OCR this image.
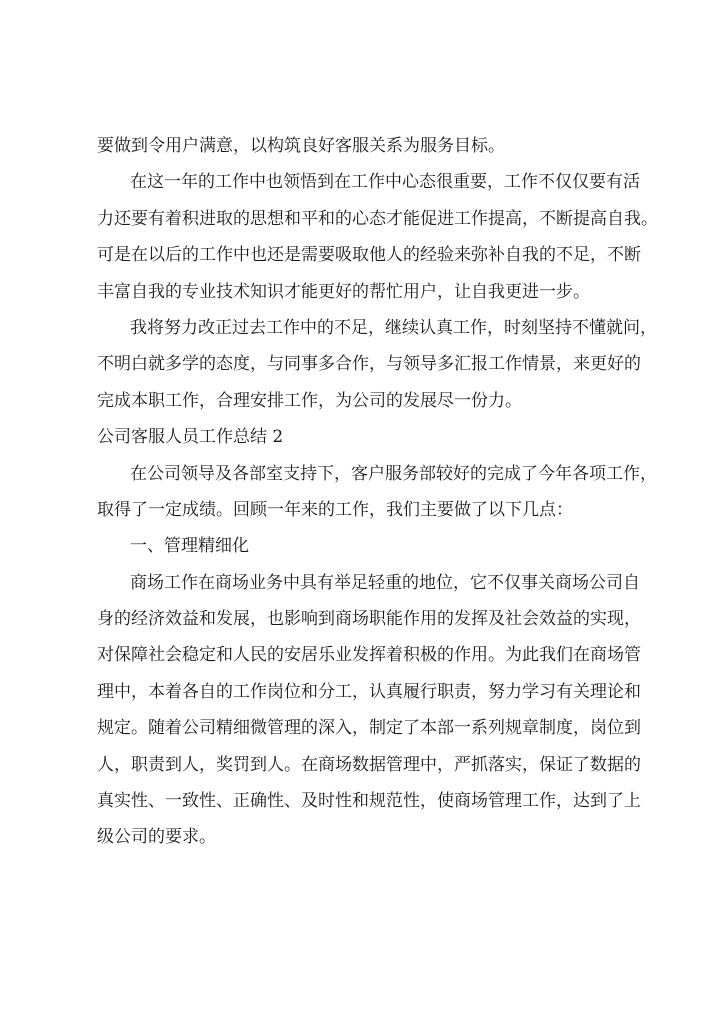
要做到令用户满意，以构筑良好客服关系为服务目标。
在这一年的工作中也领悟到在工作中心态很重要，工作不仅仅要有活
力还要有着积进取的思想和平和的心态才能促进工作提高，不断提高自我。
可是在以后的工作中也还是需要吸取他人的经验来弥补自我的不足，不断
丰富自我的专业技术知识才能更好的帮忙用户，让自我更进一步。
我将努力改正过去工作中的不足，继续认真工作，时刻坚持不懂就问，
不明白就多学的态度，与同事多合作，与领导多汇报工作情景，来更好的
完成本职工作，合理安排工作，为公司的发展尽一份力。
公司客服人员工作总结 2
在公司领导及各部室支持下，客户服务部较好的完成了今年各项工作，
取得了一定成绩。回顾一年来的工作，我们主要做了以下几点：
一、管理精细化
商场工作在商场业务中具有举足轻重的地位，它不仅事关商场公司自
身的经济效益和发展，也影响到商场职能作用的发挥及社会效益的实现，
对保障社会稳定和人民的安居乐业发挥着积极的作用。为此我们在商场管
理中，本着各自的工作岗位和分工，认真履行职责，努力学习有关理论和
规定。随着公司精细微管理的深入，制定了本部一系列规章制度，岗位到
人，职责到人，奖罚到人。在商场数据管理中，严抓落实，保证了数据的
真实性、一致性、正确性、及时性和规范性，使商场管理工作，达到了上
级公司的要求。
